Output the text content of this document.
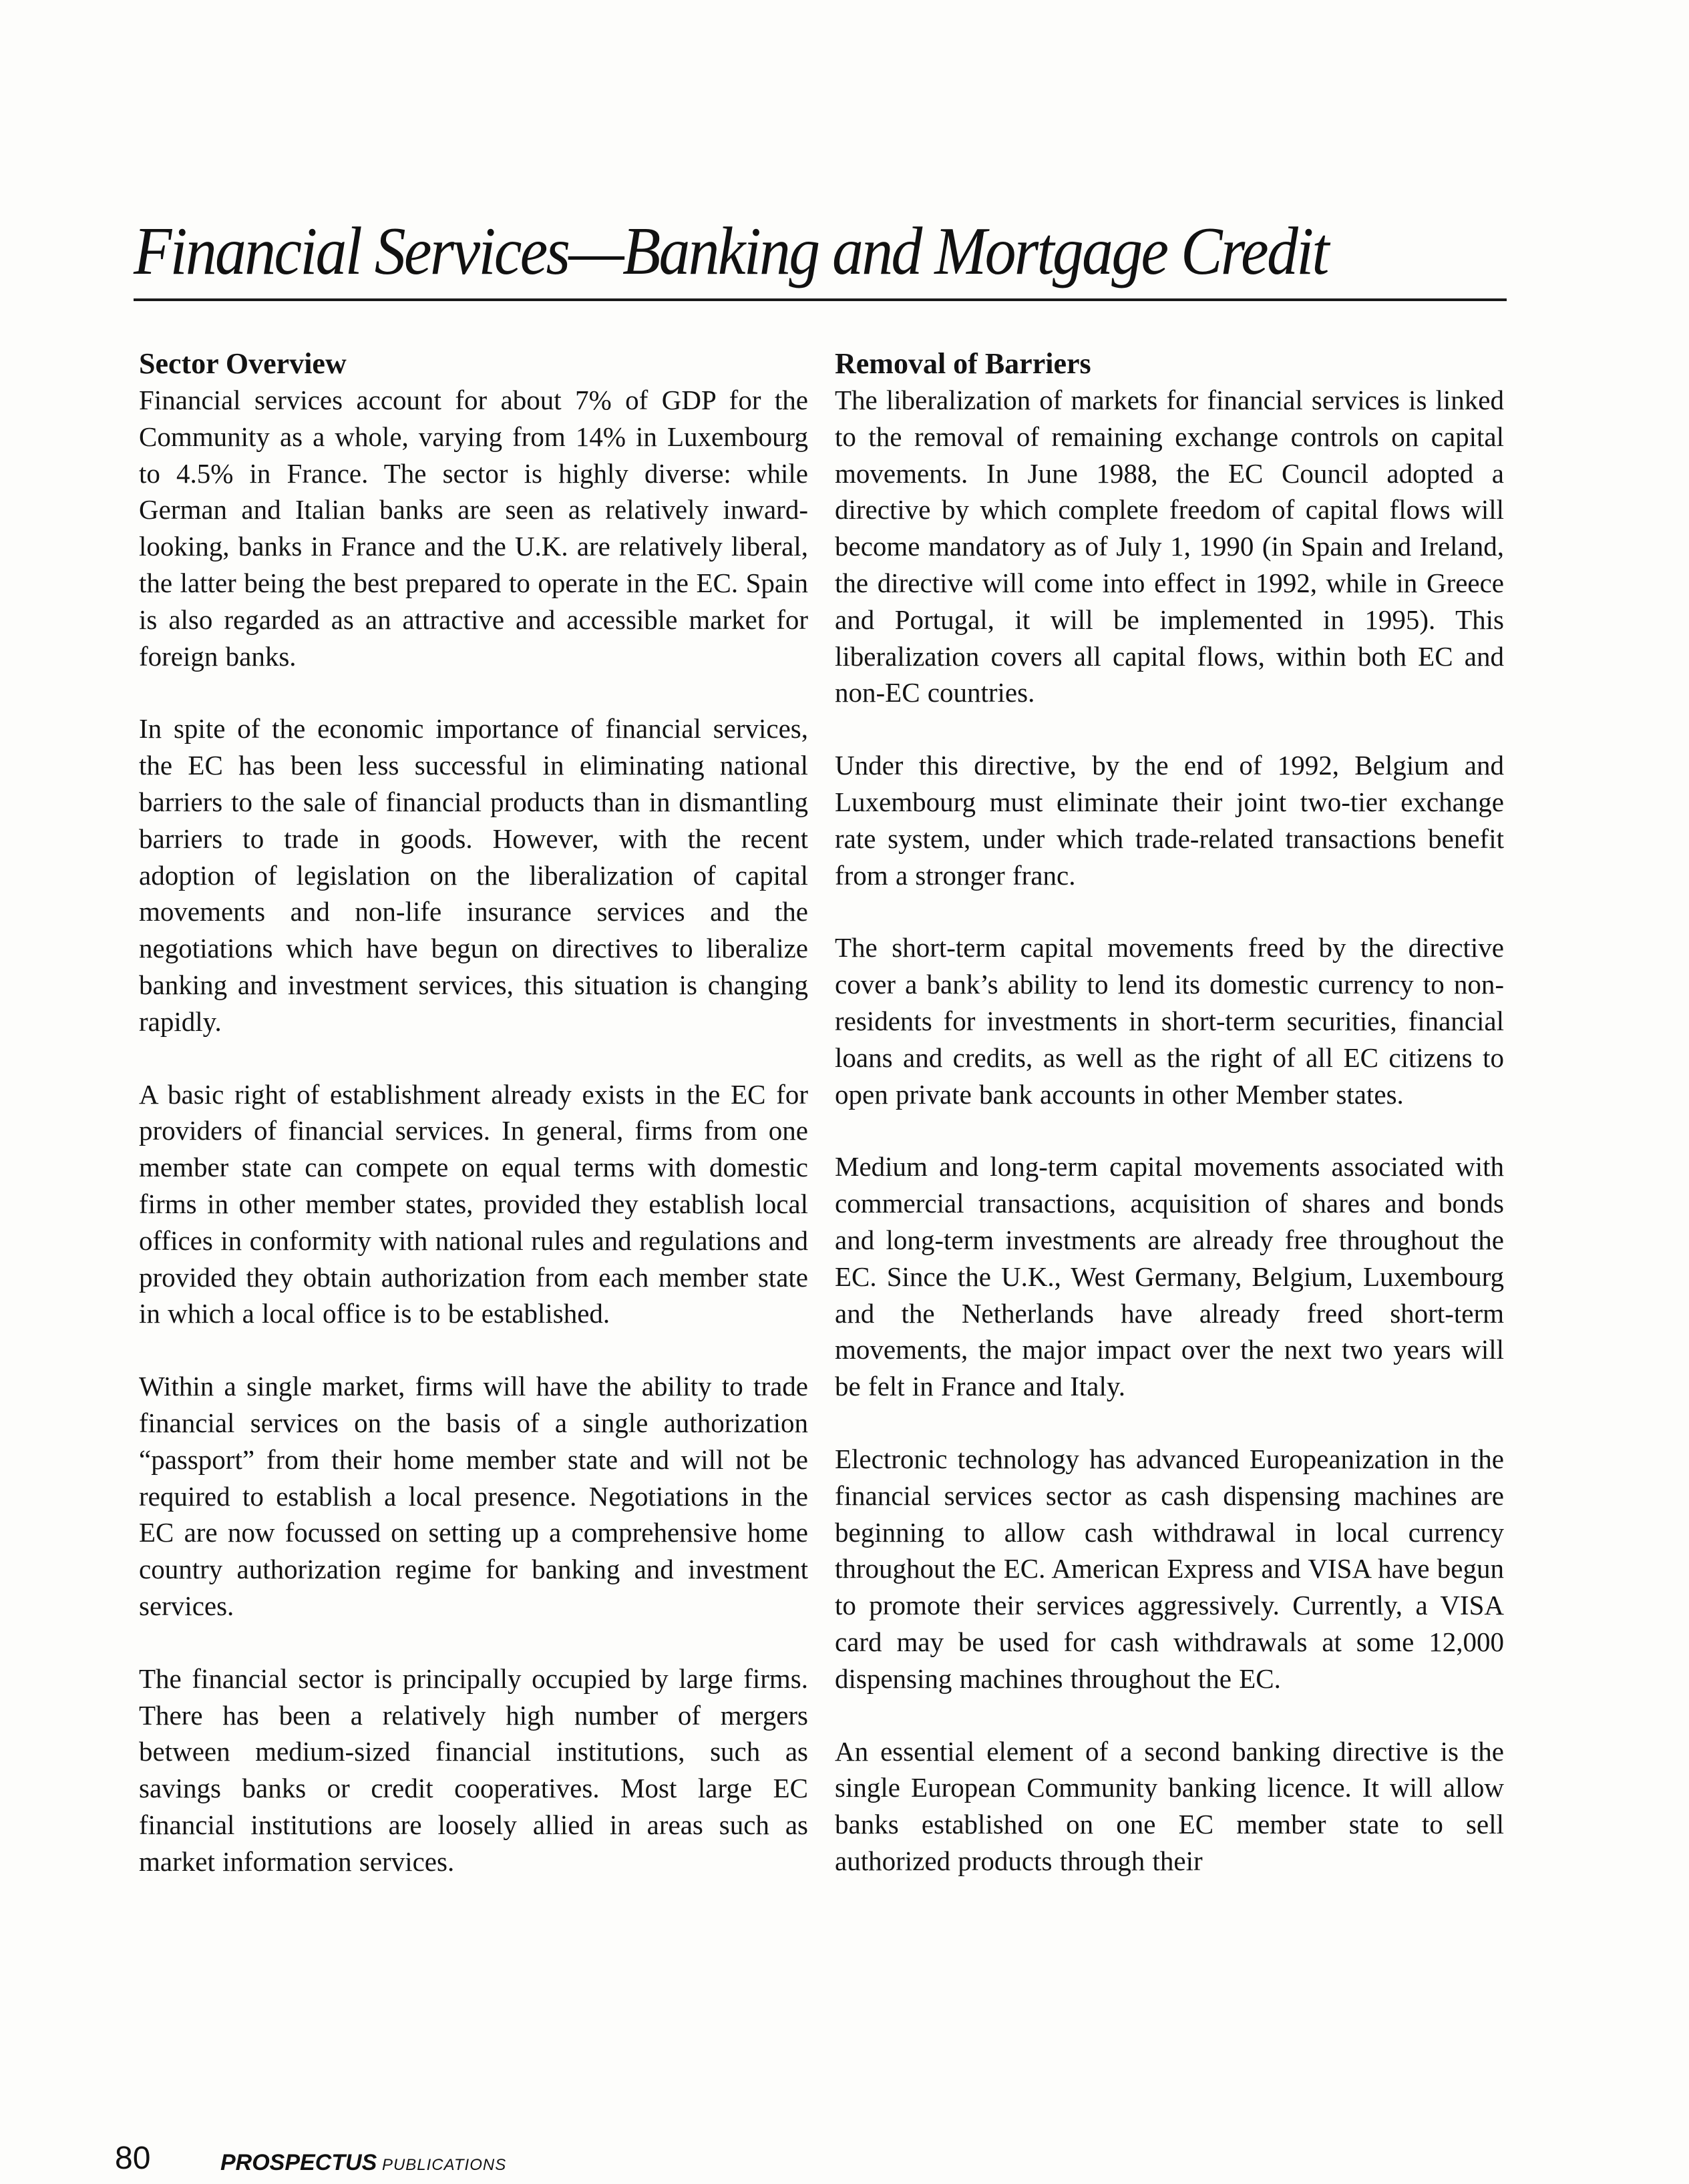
Financial Services—Banking and Mortgage Credit

Sector Overview

Financial services account for about 7% of GDP for the Community as a whole, varying from 14% in Luxembourg to 4.5% in France. The sector is highly diverse: while German and Italian banks are seen as relatively inward-looking, banks in France and the U.K. are relatively liberal, the latter being the best prepared to operate in the EC. Spain is also regarded as an attractive and accessible market for foreign banks.

In spite of the economic importance of financial services, the EC has been less successful in eliminating national barriers to the sale of financial products than in dismantling barriers to trade in goods. However, with the recent adoption of legislation on the liberalization of capital movements and non-life insurance services and the negotiations which have begun on directives to liberalize banking and investment services, this situation is changing rapidly.

A basic right of establishment already exists in the EC for providers of financial services. In general, firms from one member state can compete on equal terms with domestic firms in other member states, provided they establish local offices in conformity with national rules and regulations and provided they obtain authorization from each member state in which a local office is to be established.

Within a single market, firms will have the ability to trade financial services on the basis of a single authorization “passport” from their home member state and will not be required to establish a local presence. Negotiations in the EC are now focussed on setting up a comprehensive home country authorization regime for banking and investment services.

The financial sector is principally occupied by large firms. There has been a relatively high number of mergers between medium-sized financial institutions, such as savings banks or credit cooperatives. Most large EC financial institutions are loosely allied in areas such as market information services.

Removal of Barriers

The liberalization of markets for financial services is linked to the removal of remaining exchange controls on capital movements. In June 1988, the EC Council adopted a directive by which complete freedom of capital flows will become mandatory as of July 1, 1990 (in Spain and Ireland, the directive will come into effect in 1992, while in Greece and Portugal, it will be implemented in 1995). This liberalization covers all capital flows, within both EC and non-EC countries.

Under this directive, by the end of 1992, Belgium and Luxembourg must eliminate their joint two-tier exchange rate system, under which trade-related transactions benefit from a stronger franc.

The short-term capital movements freed by the directive cover a bank’s ability to lend its domestic currency to non-residents for investments in short-term securities, financial loans and credits, as well as the right of all EC citizens to open private bank accounts in other Member states.

Medium and long-term capital movements associated with commercial transactions, acquisition of shares and bonds and long-term investments are already free throughout the EC. Since the U.K., West Germany, Belgium, Luxembourg and the Netherlands have already freed short-term movements, the major impact over the next two years will be felt in France and Italy.

Electronic technology has advanced Europeanization in the financial services sector as cash dispensing machines are beginning to allow cash withdrawal in local currency throughout the EC. American Express and VISA have begun to promote their services aggressively. Currently, a VISA card may be used for cash withdrawals at some 12,000 dispensing machines throughout the EC.

An essential element of a second banking directive is the single European Community banking licence. It will allow banks established on one EC member state to sell authorized products through their

80	PROSPECTUS PUBLICATIONS
